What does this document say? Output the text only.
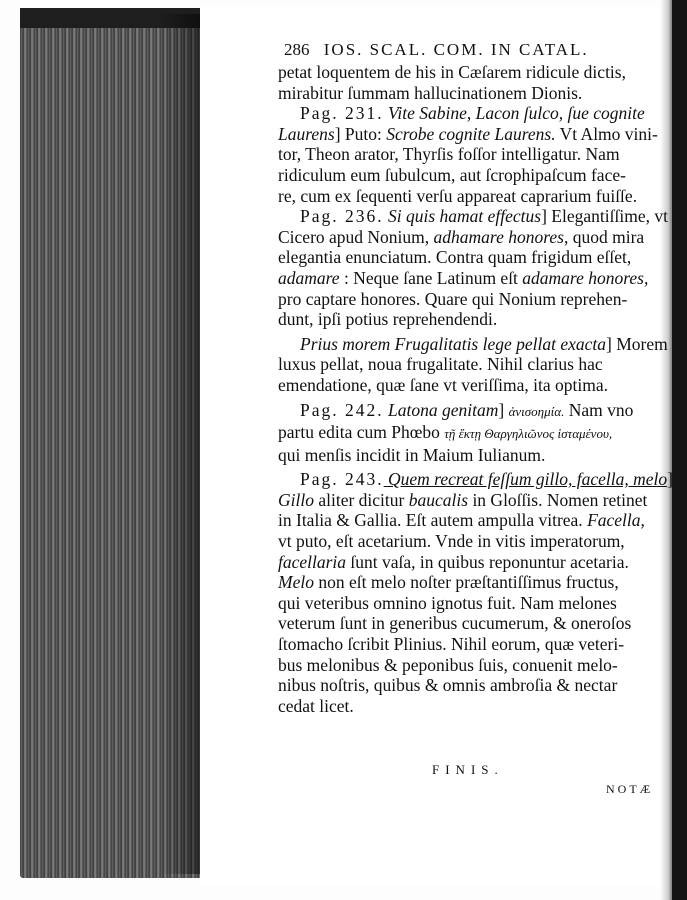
286 IOS. SCAL. COM. IN CATAL.
petat loquentem de his in Cæſarem ridicule dictis,
mirabitur ſummam hallucinationem Dionis.
Pag. 231. Vite Sabine, Lacon ſulco, ſue cognite
Laurens] Puto: Scrobe cognite Laurens. Vt Almo vini-
tor, Theon arator, Thyrſis foſſor intelligatur. Nam
ridiculum eum ſubulcum, aut ſcrophipaſcum face-
re, cum ex ſequenti verſu appareat caprarium fuiſſe.
Pag. 236. Si quis hamat effectus] Elegantiſſime, vt
Cicero apud Nonium, adhamare honores, quod mira
elegantia enunciatum. Contra quam frigidum eſſet,
adamare : Neque ſane Latinum eſt adamare honores,
pro captare honores. Quare qui Nonium reprehen-
dunt, ipſi potius reprehendendi.
Prius morem Frugalitatis lege pellat exacta] Morem
luxus pellat, noua frugalitate. Nihil clarius hac
emendatione, quæ ſane vt veriſſima, ita optima.
Pag. 242. Latona genitam] ἀνισοημία. Nam vno
partu edita cum Phœbo τῇ ἕκτῃ Θαργηλιῶνος ἱσταμένου,
qui menſis incidit in Maium Iulianum.
Pag. 243. Quem recreat feſſum gillo, facella, melo]
Gillo aliter dicitur baucalis in Gloſſis. Nomen retinet
in Italia & Gallia. Eſt autem ampulla vitrea. Facella,
vt puto, eſt acetarium. Vnde in vitis imperatorum,
facellaria ſunt vaſa, in quibus reponuntur acetaria.
Melo non eſt melo noſter præſtantiſſimus fructus,
qui veteribus omnino ignotus fuit. Nam melones
veterum ſunt in generibus cucumerum, & oneroſos
ſtomacho ſcribit Plinius. Nihil eorum, quæ veteri-
bus melonibus & peponibus ſuis, conuenit melo-
nibus noſtris, quibus & omnis ambroſia & nectar
cedat licet.
FINIS.
NOTÆ
